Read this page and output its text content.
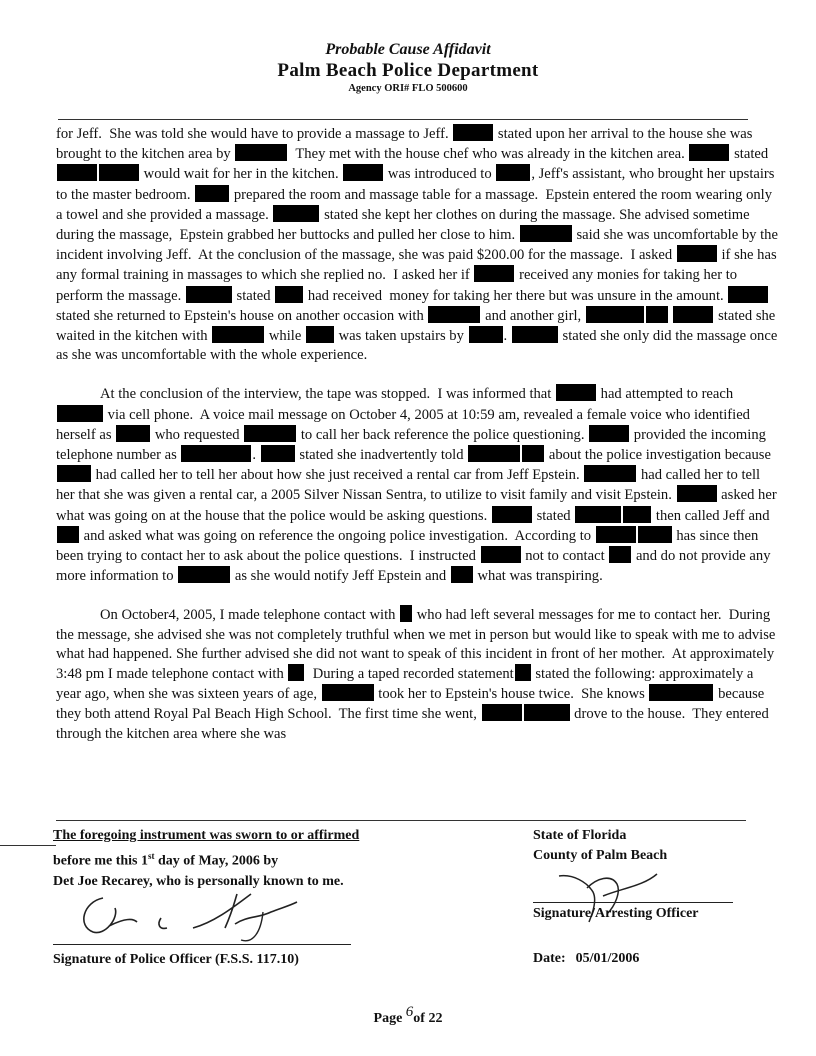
Probable Cause Affidavit
Palm Beach Police Department
Agency ORI# FLO 500600

for Jeff.  She was told she would have to provide a massage to Jeff.	stated upon her arrival to the house she was brought to the kitchen area by	They met with the house chef who was already in the kitchen area.	stated  would wait for her in the kitchen.	was introduced to	, Jeff's assistant, who brought her upstairs to the master bedroom.	prepared the room and massage table for a massage.  Epstein entered the room wearing only a towel and she provided a massage.	stated she kept her clothes on during the massage. She advised sometime during the massage,  Epstein grabbed her buttocks and pulled her close to him.	said she was uncomfortable by the incident involving Jeff.  At the conclusion of the massage, she was paid $200.00 for the massage.  I asked	if she has any formal training in massages to which she replied no.  I asked her if	received any monies for taking her to perform the massage.	stated	had received  money for taking her there but was unsure in the amount.  stated she returned to Epstein's house on another occasion with	and another girl,	stated she waited in the kitchen with	while	was taken upstairs by	.	stated she only did the massage once as she was uncomfortable with the whole experience.

At the conclusion of the interview, the tape was stopped.  I was informed that	had attempted to reach  via cell phone.  A voice mail message on October 4, 2005 at 10:59 am, revealed a female voice who identified herself as	who requested	to call her back reference the police questioning.	provided the incoming telephone number as	.	stated she inadvertently told	about the police investigation because  had called her to tell her about how she just received a rental car from Jeff Epstein.	had called her to tell her that she was given a rental car, a 2005 Silver Nissan Sentra, to utilize to visit family and visit Epstein.	asked her what was going on at the house that the police would be asking questions.	stated	then called Jeff and  and asked what was going on reference the ongoing police investigation.  According to	has since then been trying to contact her to ask about the police questions.  I instructed	not to contact and do not provide any more information to	as she would notify Jeff Epstein and what was transpiring.

On October4, 2005, I made telephone contact with who had left several messages for me to contact her.  During the message, she advised she was not completely truthful when we met in person but would like to speak with me to advise what had happened. She further advised she did not want to speak of this incident in front of her mother.  At approximately 3:48 pm I made telephone contact with During a taped recorded statement stated the following: approximately a year ago, when she was sixteen years of age,	took her to Epstein's house twice.  She knows	because they both attend Royal Pal Beach High School.  The first time she went,	drove to the house.  They entered through the kitchen area where she was

The foregoing instrument was sworn to or affirmed
before me this 1st day of May, 2006 by
Det Joe Recarey, who is personally known to me.
Signature of Police Officer (F.S.S. 117.10)
State of Florida
County of Palm Beach
Signature/Arresting Officer
Date: 05/01/2006
Page 6of 22
